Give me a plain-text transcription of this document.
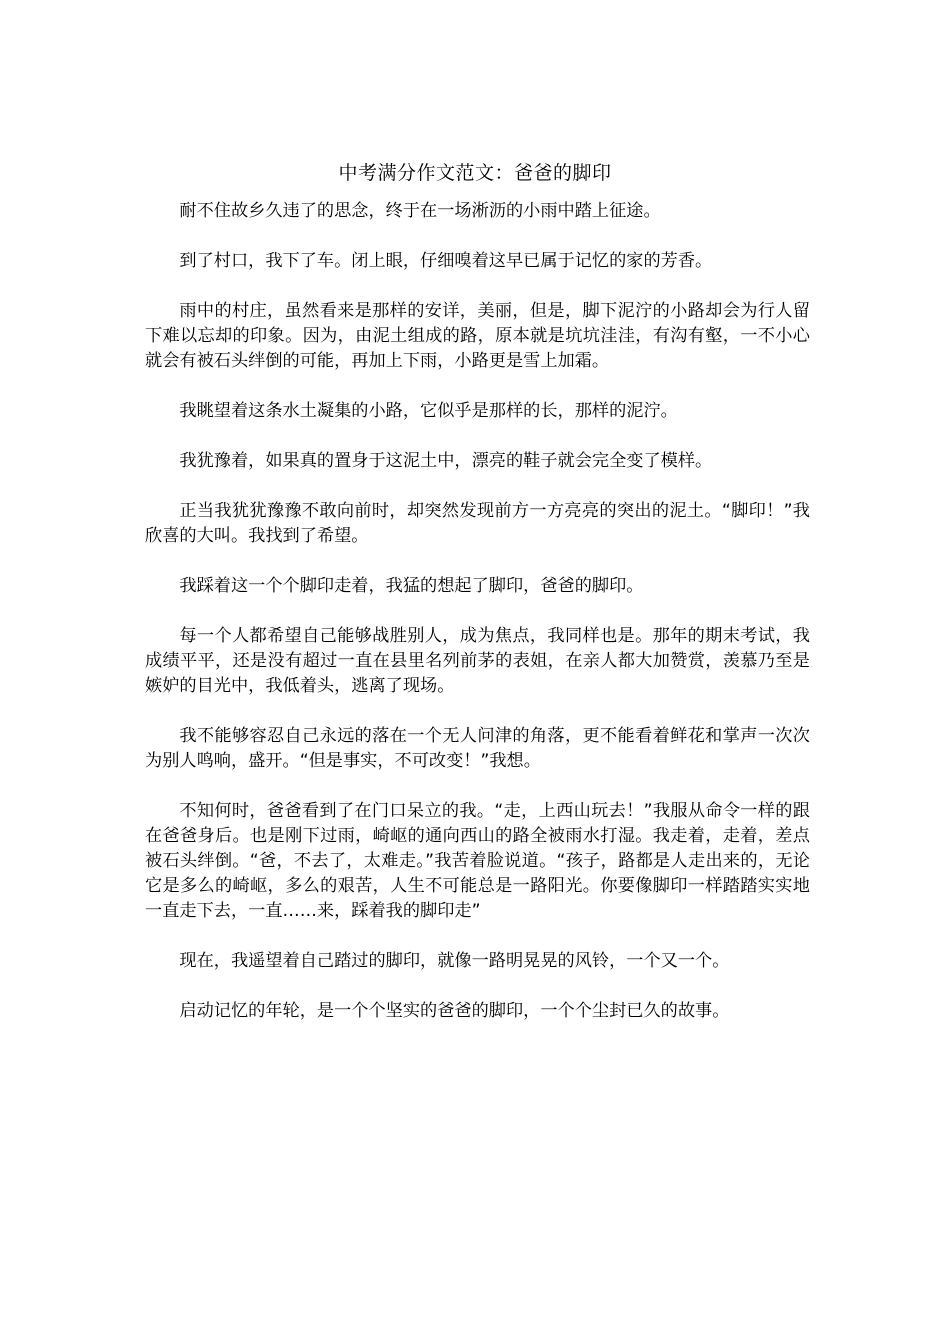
中考满分作文范文：爸爸的脚印

耐不住故乡久违了的思念，终于在一场淅沥的小雨中踏上征途。

到了村口，我下了车。闭上眼，仔细嗅着这早已属于记忆的家的芳香。

雨中的村庄，虽然看来是那样的安详，美丽，但是，脚下泥泞的小路却会为行人留下难以忘却的印象。因为，由泥土组成的路，原本就是坑坑洼洼，有沟有壑，一不小心就会有被石头绊倒的可能，再加上下雨，小路更是雪上加霜。

我眺望着这条水土凝集的小路，它似乎是那样的长，那样的泥泞。

我犹豫着，如果真的置身于这泥土中，漂亮的鞋子就会完全变了模样。

正当我犹犹豫豫不敢向前时，却突然发现前方一方亮亮的突出的泥土。“脚印！”我欣喜的大叫。我找到了希望。

我踩着这一个个脚印走着，我猛的想起了脚印，爸爸的脚印。

每一个人都希望自己能够战胜别人，成为焦点，我同样也是。那年的期末考试，我成绩平平，还是没有超过一直在县里名列前茅的表姐，在亲人都大加赞赏，羡慕乃至是嫉妒的目光中，我低着头，逃离了现场。

我不能够容忍自己永远的落在一个无人问津的角落，更不能看着鲜花和掌声一次次为别人鸣响，盛开。“但是事实，不可改变！”我想。

不知何时，爸爸看到了在门口呆立的我。“走，上西山玩去！”我服从命令一样的跟在爸爸身后。也是刚下过雨，崎岖的通向西山的路全被雨水打湿。我走着，走着，差点被石头绊倒。“爸，不去了，太难走。”我苦着脸说道。“孩子，路都是人走出来的，无论它是多么的崎岖，多么的艰苦，人生不可能总是一路阳光。你要像脚印一样踏踏实实地一直走下去，一直……来，踩着我的脚印走”

现在，我遥望着自己踏过的脚印，就像一路明晃晃的风铃，一个又一个。

启动记忆的年轮，是一个个坚实的爸爸的脚印，一个个尘封已久的故事。
